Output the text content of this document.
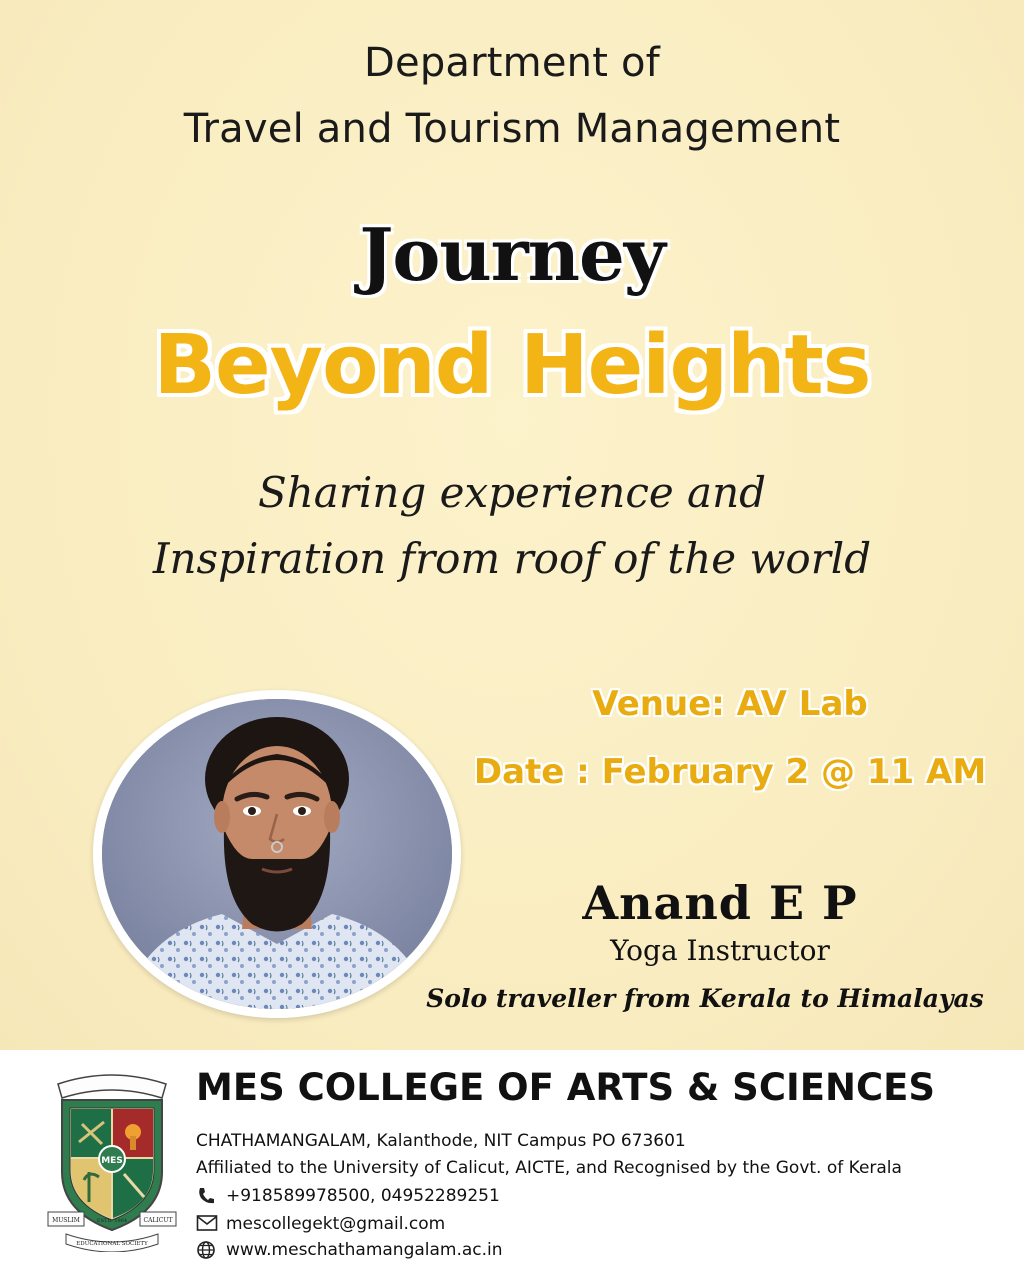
Department of
Travel and Tourism Management
Journey
Beyond Heights
Sharing experience and
Inspiration from roof of the world
Venue: AV Lab
Date : February 2 @ 11 AM
Anand E P
Yoga Instructor
Solo traveller from Kerala to Himalayas
MES
MUSLIM	ESTD. 1964	CALICUT
EDUCATIONAL SOCIETY
MES COLLEGE OF ARTS & SCIENCES
CHATHAMANGALAM, Kalanthode, NIT Campus PO 673601
Affiliated to the University of Calicut, AICTE, and Recognised by the Govt. of Kerala
+918589978500, 04952289251
mescollegekt@gmail.com
www.meschathamangalam.ac.in
